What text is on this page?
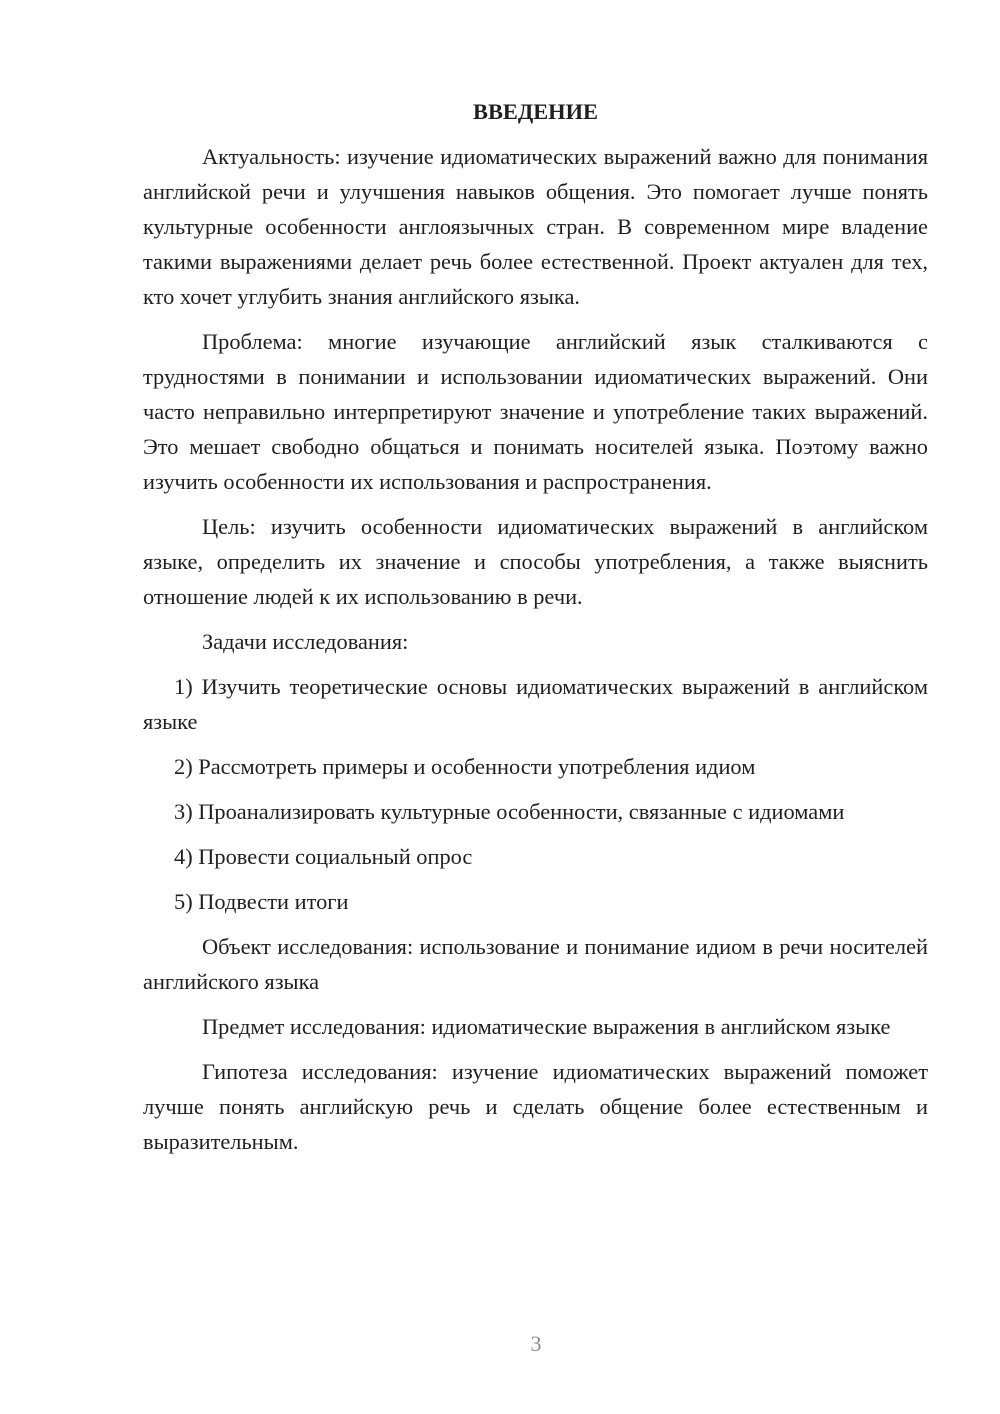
ВВЕДЕНИЕ

Актуальность: изучение идиоматических выражений важно для понимания английской речи и улучшения навыков общения. Это помогает лучше понять культурные особенности англоязычных стран. В современном мире владение такими выражениями делает речь более естественной. Проект актуален для тех, кто хочет углубить знания английского языка.

Проблема: многие изучающие английский язык сталкиваются с трудностями в понимании и использовании идиоматических выражений. Они часто неправильно интерпретируют значение и употребление таких выражений. Это мешает свободно общаться и понимать носителей языка. Поэтому важно изучить особенности их использования и распространения.

Цель: изучить особенности идиоматических выражений в английском языке, определить их значение и способы употребления, а также выяснить отношение людей к их использованию в речи.

Задачи исследования:

1) Изучить теоретические основы идиоматических выражений в английском языке

2) Рассмотреть примеры и особенности употребления идиом

3) Проанализировать культурные особенности, связанные с идиомами

4) Провести социальный опрос

5) Подвести итоги

Объект исследования: использование и понимание идиом в речи носителей английского языка

Предмет исследования: идиоматические выражения в английском языке

Гипотеза исследования: изучение идиоматических выражений поможет лучше понять английскую речь и сделать общение более естественным и выразительным.

3
